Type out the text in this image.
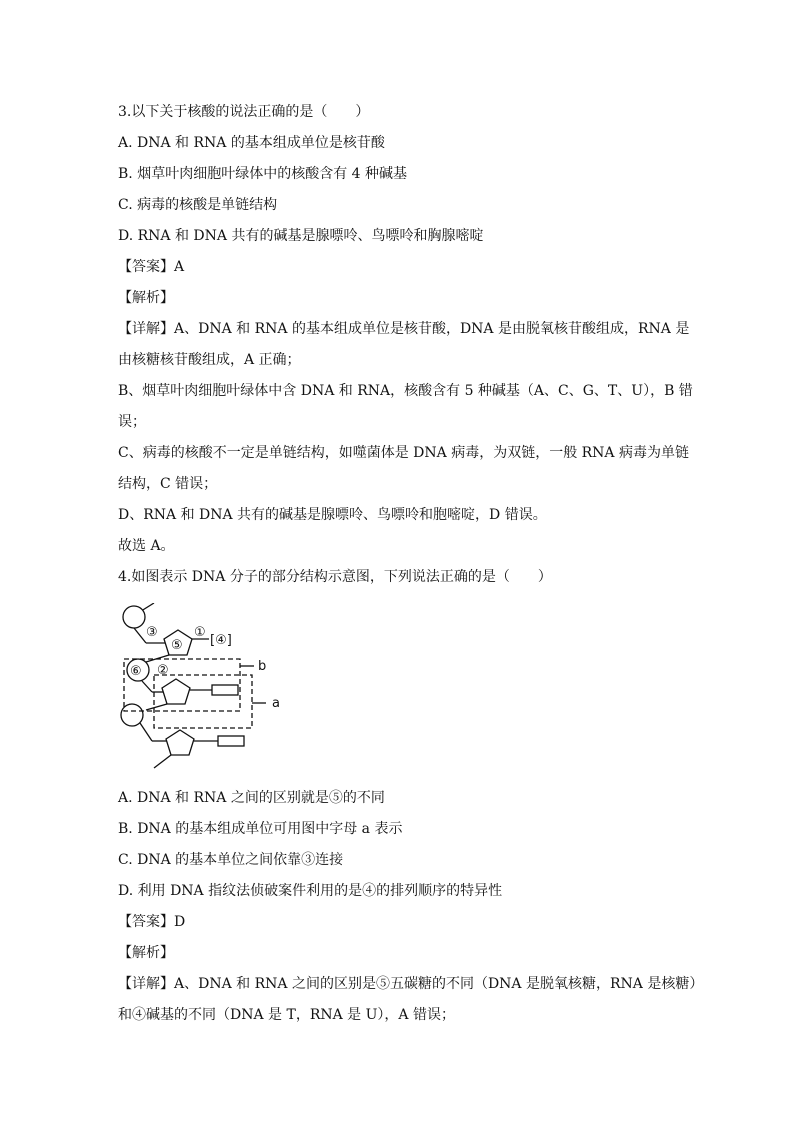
3.以下关于核酸的说法正确的是（　　）
A. DNA 和 RNA 的基本组成单位是核苷酸
B. 烟草叶肉细胞叶绿体中的核酸含有 4 种碱基
C. 病毒的核酸是单链结构
D. RNA 和 DNA 共有的碱基是腺嘌呤、鸟嘌呤和胸腺嘧啶
【答案】A
【解析】
【详解】A、DNA 和 RNA 的基本组成单位是核苷酸，DNA 是由脱氧核苷酸组成，RNA 是
由核糖核苷酸组成，A 正确；
B、烟草叶肉细胞叶绿体中含 DNA 和 RNA，核酸含有 5 种碱基（A、C、G、T、U），B 错
误；
C、病毒的核酸不一定是单链结构，如噬菌体是 DNA 病毒，为双链，一般 RNA 病毒为单链
结构，C 错误；
D、RNA 和 DNA 共有的碱基是腺嘌呤、鸟嘌呤和胞嘧啶，D 错误。
故选 A。
4.如图表示 DNA 分子的部分结构示意图，下列说法正确的是（　　）
③
⑤
①
[④]
⑥ ②	b
a
A. DNA 和 RNA 之间的区别就是⑤的不同
B. DNA 的基本组成单位可用图中字母 a 表示
C. DNA 的基本单位之间依靠③连接
D. 利用 DNA 指纹法侦破案件利用的是④的排列顺序的特异性
【答案】D
【解析】
【详解】A、DNA 和 RNA 之间的区别是⑤五碳糖的不同（DNA 是脱氧核糖，RNA 是核糖）
和④碱基的不同（DNA 是 T，RNA 是 U），A 错误；
